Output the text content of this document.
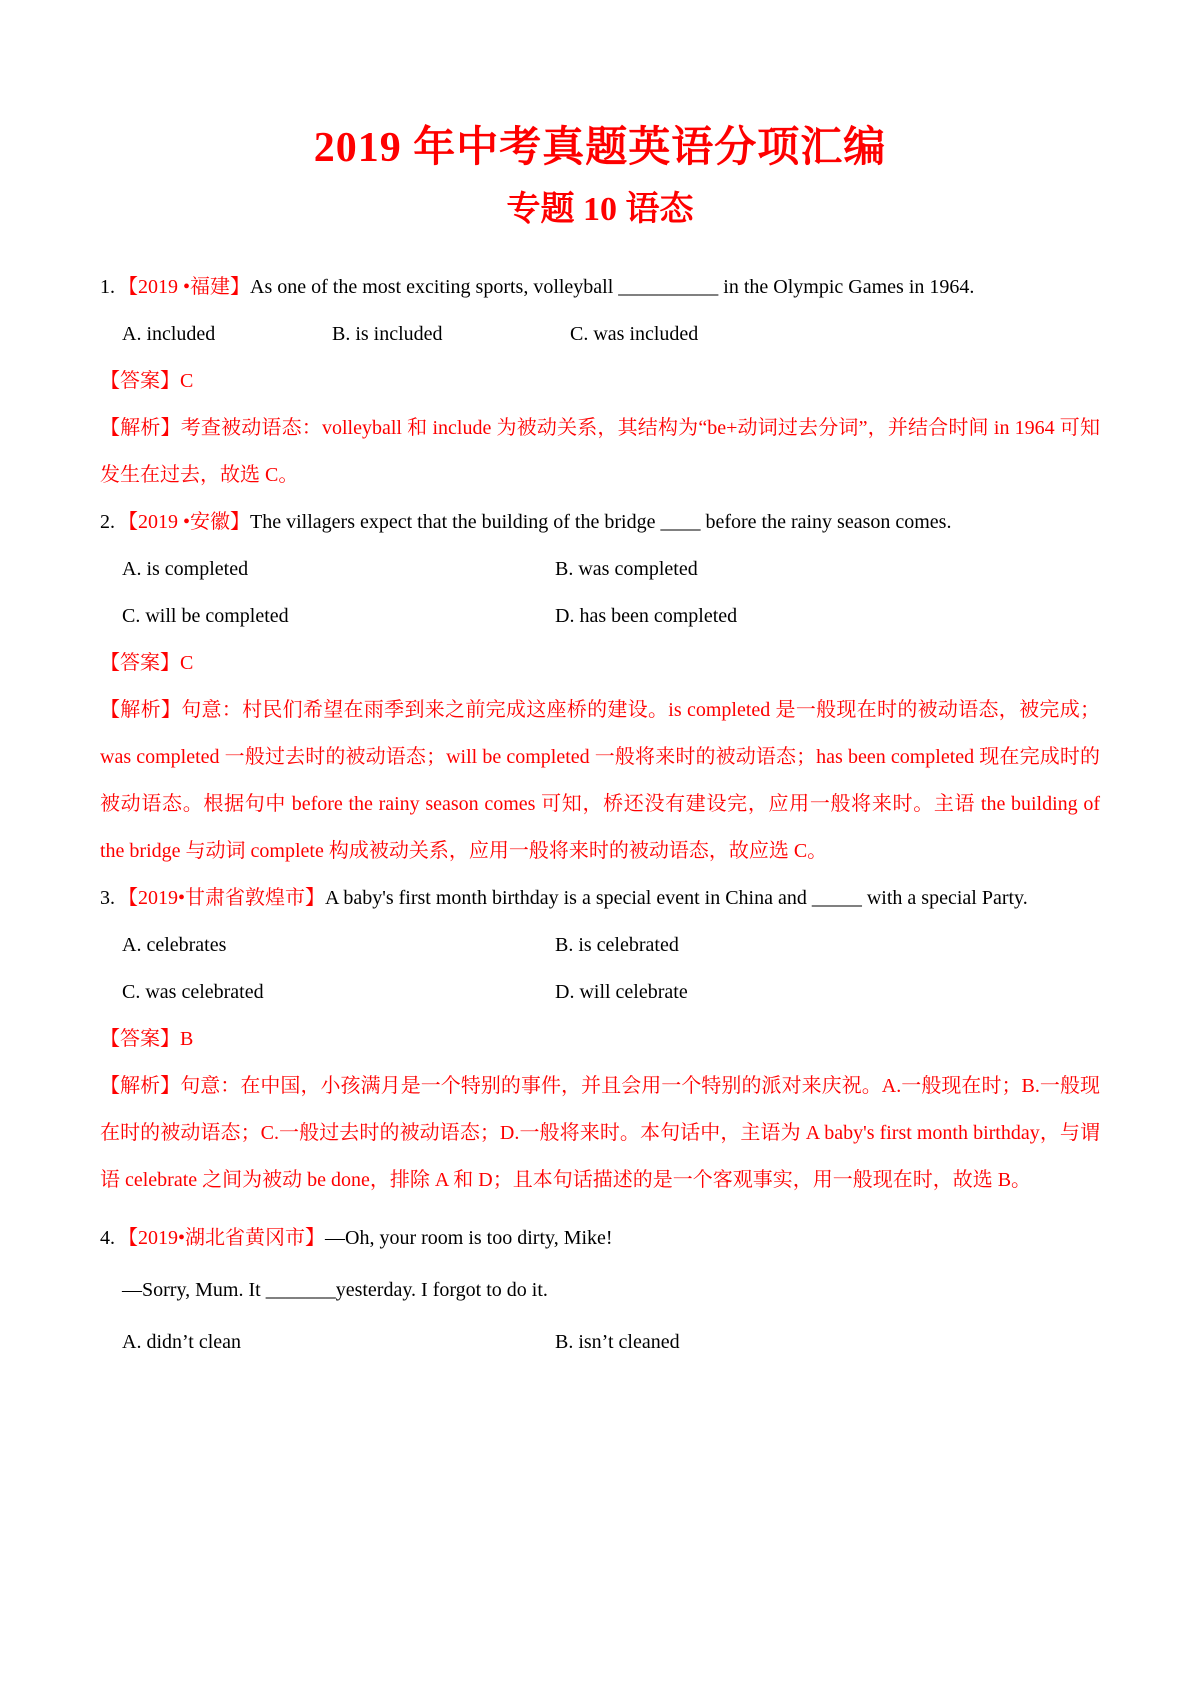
2019 年中考真题英语分项汇编
专题 10 语态

1. 【2019 •福建】As one of the most exciting sports, volleyball __________ in the Olympic Games in 1964.

A. included	B. is included	C. was included

【答案】C

【解析】考查被动语态：volleyball 和 include 为被动关系，其结构为“be+动词过去分词”，并结合时间 in 1964 可知发生在过去，故选 C。

2. 【2019 •安徽】The villagers expect that the building of the bridge ____ before the rainy season comes.

A. is completed	B. was completed

C. will be completed	D. has been completed

【答案】C

【解析】句意：村民们希望在雨季到来之前完成这座桥的建设。is completed 是一般现在时的被动语态，被完成；was completed 一般过去时的被动语态；will be completed 一般将来时的被动语态；has been completed 现在完成时的被动语态。根据句中 before the rainy season comes 可知，桥还没有建设完，应用一般将来时。主语 the building of the bridge 与动词 complete 构成被动关系，应用一般将来时的被动语态，故应选 C。

3. 【2019•甘肃省敦煌市】A baby's first month birthday is a special event in China and _____ with a special Party.

A. celebrates	B. is celebrated

C. was celebrated	D. will celebrate

【答案】B

【解析】句意：在中国，小孩满月是一个特别的事件，并且会用一个特别的派对来庆祝。A.一般现在时；B.一般现在时的被动语态；C.一般过去时的被动语态；D.一般将来时。本句话中，主语为 A baby's first month birthday，与谓语 celebrate 之间为被动 be done，排除 A 和 D；且本句话描述的是一个客观事实，用一般现在时，故选 B。

4. 【2019•湖北省黄冈市】—Oh, your room is too dirty, Mike!

—Sorry, Mum. It _______yesterday. I forgot to do it.

A. didn’t clean	B. isn’t cleaned
